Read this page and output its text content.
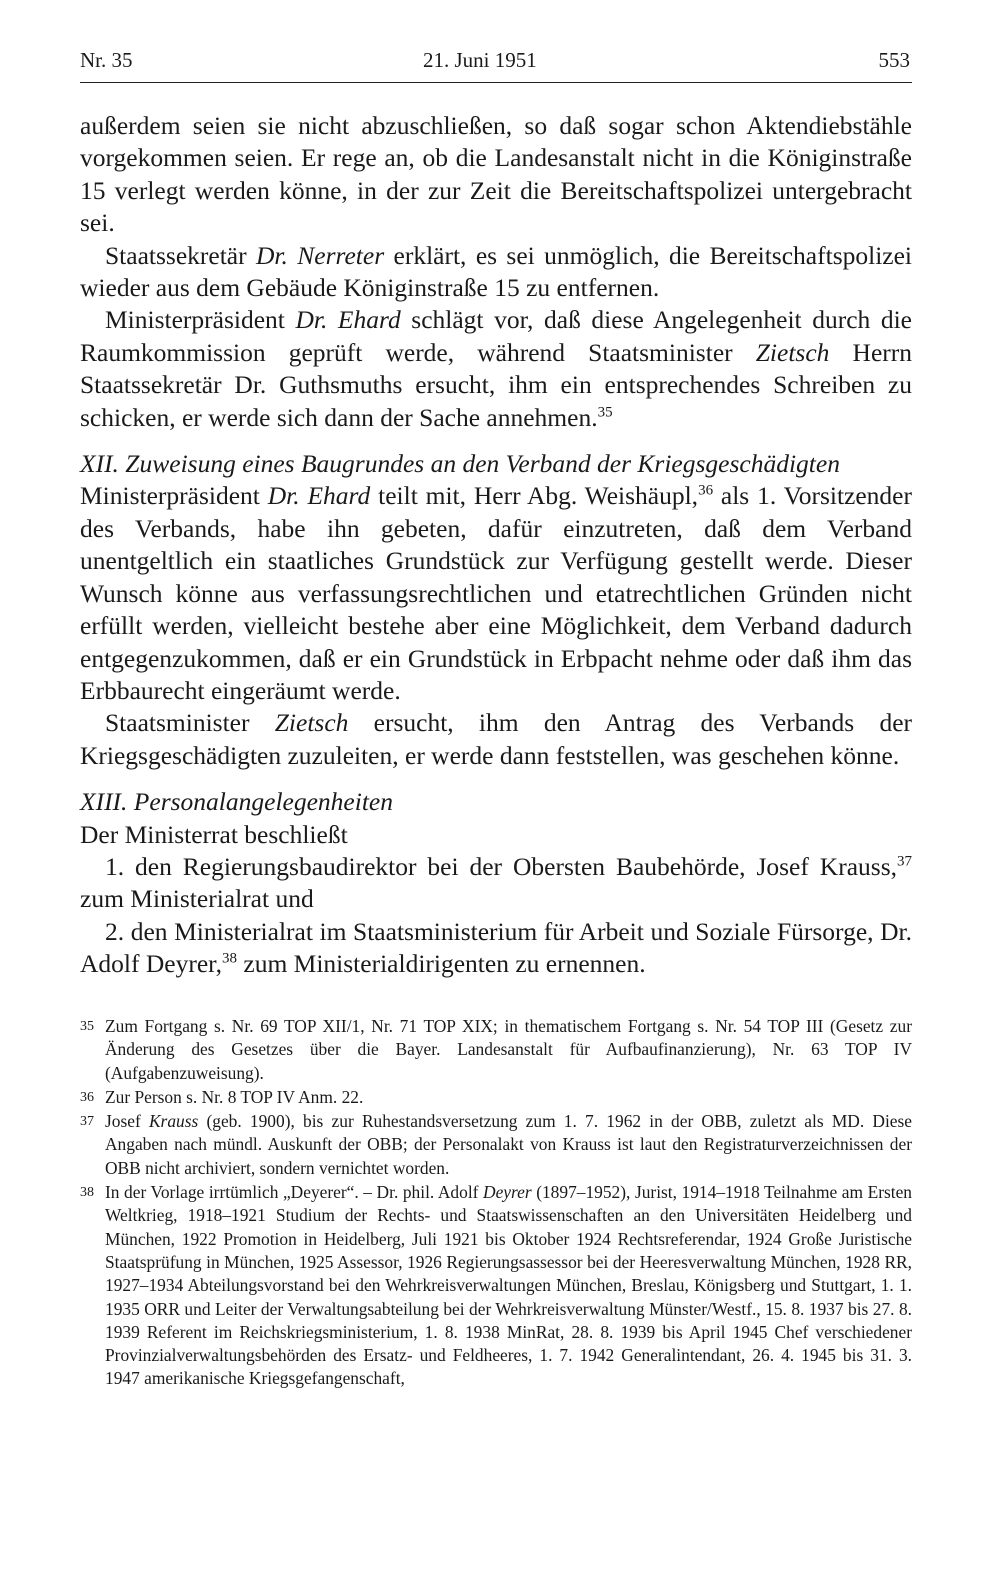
Nr. 35	21. Juni 1951	553

außerdem seien sie nicht abzuschließen, so daß sogar schon Aktendiebstähle vorgekommen seien. Er rege an, ob die Landesanstalt nicht in die Königinstraße 15 verlegt werden könne, in der zur Zeit die Bereitschaftspolizei untergebracht sei.

Staatssekretär Dr. Nerreter erklärt, es sei unmöglich, die Bereitschaftspolizei wieder aus dem Gebäude Königinstraße 15 zu entfernen.

Ministerpräsident Dr. Ehard schlägt vor, daß diese Angelegenheit durch die Raumkommission geprüft werde, während Staatsminister Zietsch Herrn Staatssekretär Dr. Guthsmuths ersucht, ihm ein entsprechendes Schreiben zu schicken, er werde sich dann der Sache annehmen.$^{35}$

XII. Zuweisung eines Baugrundes an den Verband der Kriegsgeschädigten

Ministerpräsident Dr. Ehard teilt mit, Herr Abg. Weishäupl,$^{36}$ als 1. Vorsitzender des Verbands, habe ihn gebeten, dafür einzutreten, daß dem Verband unentgeltlich ein staatliches Grundstück zur Verfügung gestellt werde. Dieser Wunsch könne aus verfassungsrechtlichen und etatrechtlichen Gründen nicht erfüllt werden, vielleicht bestehe aber eine Möglichkeit, dem Verband dadurch entgegenzukommen, daß er ein Grundstück in Erbpacht nehme oder daß ihm das Erbbaurecht eingeräumt werde.

Staatsminister Zietsch ersucht, ihm den Antrag des Verbands der Kriegsgeschädigten zuzuleiten, er werde dann feststellen, was geschehen könne.

XIII. Personalangelegenheiten

Der Ministerrat beschließt

1. den Regierungsbaudirektor bei der Obersten Baubehörde, Josef Krauss,$^{37}$ zum Ministerialrat und

2. den Ministerialrat im Staatsministerium für Arbeit und Soziale Fürsorge, Dr. Adolf Deyrer,$^{38}$ zum Ministerialdirigenten zu ernennen.

35 Zum Fortgang s. Nr. 69 TOP XII/1, Nr. 71 TOP XIX; in thematischem Fortgang s. Nr. 54 TOP III (Gesetz zur Änderung des Gesetzes über die Bayer. Landesanstalt für Aufbaufinanzierung), Nr. 63 TOP IV (Aufgabenzuweisung).

36 Zur Person s. Nr. 8 TOP IV Anm. 22.

37 Josef Krauss (geb. 1900), bis zur Ruhestandsversetzung zum 1. 7. 1962 in der OBB, zuletzt als MD. Diese Angaben nach mündl. Auskunft der OBB; der Personalakt von Krauss ist laut den Registraturverzeichnissen der OBB nicht archiviert, sondern vernichtet worden.

38 In der Vorlage irrtümlich „Deyerer“. – Dr. phil. Adolf Deyrer (1897–1952), Jurist, 1914–1918 Teilnahme am Ersten Weltkrieg, 1918–1921 Studium der Rechts- und Staatswissenschaften an den Universitäten Heidelberg und München, 1922 Promotion in Heidelberg, Juli 1921 bis Oktober 1924 Rechtsreferendar, 1924 Große Juristische Staatsprüfung in München, 1925 Assessor, 1926 Regierungsassessor bei der Heeresverwaltung München, 1928 RR, 1927–1934 Abteilungsvorstand bei den Wehrkreisverwaltungen München, Breslau, Königsberg und Stuttgart, 1. 1. 1935 ORR und Leiter der Verwaltungsabteilung bei der Wehrkreisverwaltung Münster/Westf., 15. 8. 1937 bis 27. 8. 1939 Referent im Reichskriegsministerium, 1. 8. 1938 MinRat, 28. 8. 1939 bis April 1945 Chef verschiedener Provinzialverwaltungsbehörden des Ersatz- und Feldheeres, 1. 7. 1942 Generalintendant, 26. 4. 1945 bis 31. 3. 1947 amerikanische Kriegsgefangenschaft,
